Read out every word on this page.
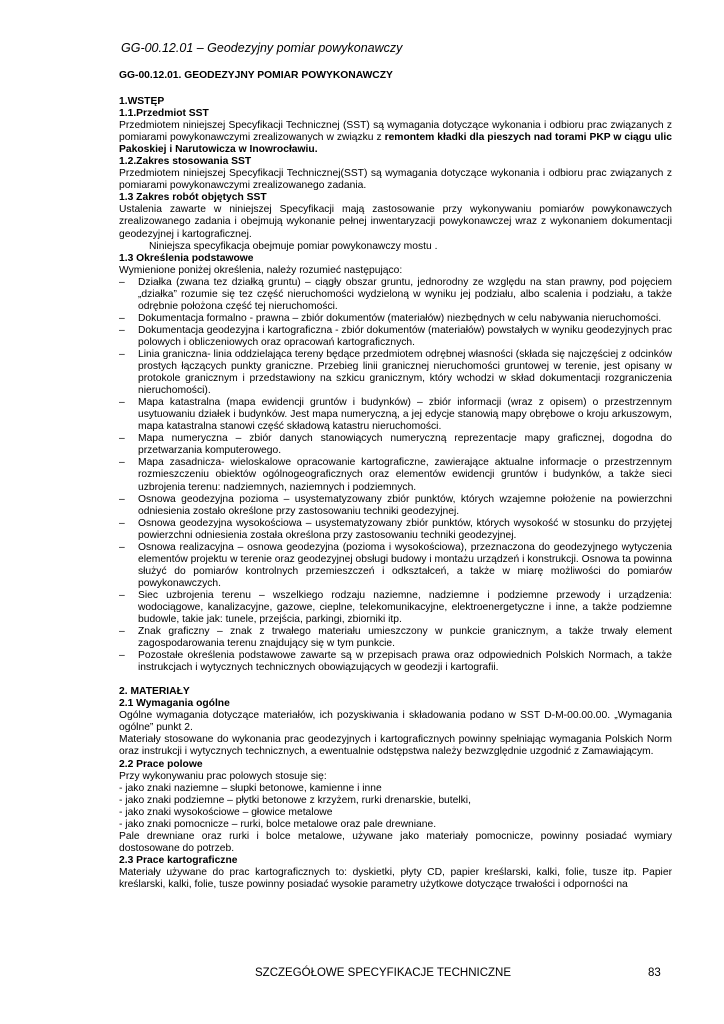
GG-00.12.01 – Geodezyjny pomiar powykonawczy
GG-00.12.01. GEODEZYJNY POMIAR POWYKONAWCZY
1.WSTĘP
1.1.Przedmiot SST

Przedmiotem niniejszej Specyfikacji Technicznej (SST) są wymagania dotyczące wykonania i odbioru prac związanych z pomiarami powykonawczymi zrealizowanych w związku z remontem kładki dla pieszych nad torami PKP w ciągu ulic Pakoskiej i Narutowicza w Inowrocławiu.

1.2.Zakres stosowania SST

Przedmiotem niniejszej Specyfikacji Technicznej(SST) są wymagania dotyczące wykonania i odbioru prac związanych z pomiarami powykonawczymi zrealizowanego zadania.

1.3 Zakres robót objętych SST

Ustalenia zawarte w niniejszej Specyfikacji mają zastosowanie przy wykonywaniu pomiarów powykonawczych zrealizowanego zadania i obejmują wykonanie pełnej inwentaryzacji powykonawczej wraz z wykonaniem dokumentacji geodezyjnej i kartograficznej.

Niniejsza specyfikacja obejmuje pomiar powykonawczy mostu .

1.3 Określenia podstawowe

Wymienione poniżej określenia, należy rozumieć następująco:

– Działka (zwana tez działką gruntu) – ciągły obszar gruntu, jednorodny ze względu na stan prawny, pod pojęciem „działka” rozumie się tez część nieruchomości wydzieloną w wyniku jej podziału, albo scalenia i podziału, a także odrębnie położona część tej nieruchomości.
– Dokumentacja formalno - prawna – zbiór dokumentów (materiałów) niezbędnych w celu nabywania nieruchomości.
– Dokumentacja geodezyjna i kartograficzna - zbiór dokumentów (materiałów) powstałych w wyniku geodezyjnych prac polowych i obliczeniowych oraz opracowań kartograficznych.
– Linia graniczna- linia oddzielająca tereny będące przedmiotem odrębnej własności (składa się najczęściej z odcinków prostych łączących punkty graniczne. Przebieg linii granicznej nieruchomości gruntowej w terenie, jest opisany w protokole granicznym i przedstawiony na szkicu granicznym, który wchodzi w skład dokumentacji rozgraniczenia nieruchomości).
– Mapa katastralna (mapa ewidencji gruntów i budynków) – zbiór informacji (wraz z opisem) o przestrzennym usytuowaniu działek i budynków. Jest mapa numeryczną, a jej edycje stanowią mapy obrębowe o kroju arkuszowym, mapa katastralna stanowi część składową katastru nieruchomości.
– Mapa numeryczna – zbiór danych stanowiących numeryczną reprezentacje mapy graficznej, dogodna do przetwarzania komputerowego.
– Mapa zasadnicza- wieloskalowe opracowanie kartograficzne, zawierające aktualne informacje o przestrzennym rozmieszczeniu obiektów ogólnogeograficznych oraz elementów ewidencji gruntów i budynków, a także sieci uzbrojenia terenu: nadziemnych, naziemnych i podziemnych.
– Osnowa geodezyjna pozioma – usystematyzowany zbiór punktów, których wzajemne położenie na powierzchni odniesienia zostało określone przy zastosowaniu techniki geodezyjnej.
– Osnowa geodezyjna wysokościowa – usystematyzowany zbiór punktów, których wysokość w stosunku do przyjętej powierzchni odniesienia została określona przy zastosowaniu techniki geodezyjnej.
– Osnowa realizacyjna – osnowa geodezyjna (pozioma i wysokościowa), przeznaczona do geodezyjnego wytyczenia elementów projektu w terenie oraz geodezyjnej obsługi budowy i montażu urządzeń i konstrukcji. Osnowa ta powinna służyć do pomiarów kontrolnych przemieszczeń i odkształceń, a także w miarę możliwości do pomiarów powykonawczych.
– Siec uzbrojenia terenu – wszelkiego rodzaju naziemne, nadziemne i podziemne przewody i urządzenia: wodociągowe, kanalizacyjne, gazowe, cieplne, telekomunikacyjne, elektroenergetyczne i inne, a także podziemne budowle, takie jak: tunele, przejścia, parkingi, zbiorniki itp.
– Znak graficzny – znak z trwałego materiału umieszczony w punkcie granicznym, a także trwały element zagospodarowania terenu znajdujący się w tym punkcie.
– Pozostałe określenia podstawowe zawarte są w przepisach prawa oraz odpowiednich Polskich Normach, a także instrukcjach i wytycznych technicznych obowiązujących w geodezji i kartografii.
2. MATERIAŁY
2.1 Wymagania ogólne

Ogólne wymagania dotyczące materiałów, ich pozyskiwania i składowania podano w SST D-M-00.00.00. „Wymagania ogólne” punkt 2.

Materiały stosowane do wykonania prac geodezyjnych i kartograficznych powinny spełniając wymagania Polskich Norm oraz instrukcji i wytycznych technicznych, a ewentualnie odstępstwa należy bezwzględnie uzgodnić z Zamawiającym.

2.2 Prace polowe

Przy wykonywaniu prac polowych stosuje się:

- jako znaki naziemne – słupki betonowe, kamienne i inne

- jako znaki podziemne – płytki betonowe z krzyżem, rurki drenarskie, butelki,

- jako znaki wysokościowe – głowice metalowe

- jako znaki pomocnicze – rurki, bolce metalowe oraz pale drewniane.

Pale drewniane oraz rurki i bolce metalowe, używane jako materiały pomocnicze, powinny posiadać wymiary dostosowane do potrzeb.

2.3 Prace kartograficzne

Materiały używane do prac kartograficznych to: dyskietki, płyty CD, papier kreślarski, kalki, folie, tusze itp. Papier kreślarski, kalki, folie, tusze powinny posiadać wysokie parametry użytkowe dotyczące trwałości i odporności na

SZCZEGÓŁOWE SPECYFIKACJE TECHNICZNE	83
